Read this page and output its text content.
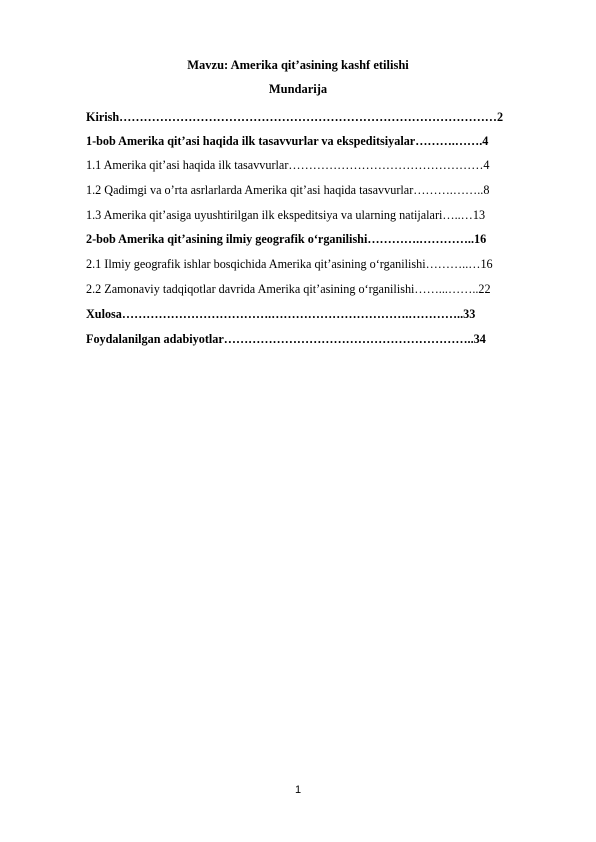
Mavzu: Amerika qit’asining kashf etilishi
Mundarija
Kirish…………………………………………………………………………………2
1-bob Amerika qit’asi haqida ilk tasavvurlar va ekspeditsiyalar……….…….4
1.1 Amerika qit’asi haqida ilk tasavvurlar…………………………………………4
1.2 Qadimgi va o’rta asrlarlarda Amerika qit’asi haqida tasavvurlar……….……..8
1.3 Amerika qit’asiga uyushtirilgan ilk ekspeditsiya va ularning natijalari…..…13
2-bob Amerika qit’asining ilmiy geografik o‘rganilishi………….…………..16
2.1 Ilmiy geografik ishlar bosqichida Amerika qit’asining o‘rganilishi………..…16
2.2 Zamonaviy tadqiqotlar davrida Amerika qit’asining o‘rganilishi……...……..22
Xulosa……………………………….…………………………….…………..33
Foydalanilgan adabiyotlar……………………………………………………..34
1
